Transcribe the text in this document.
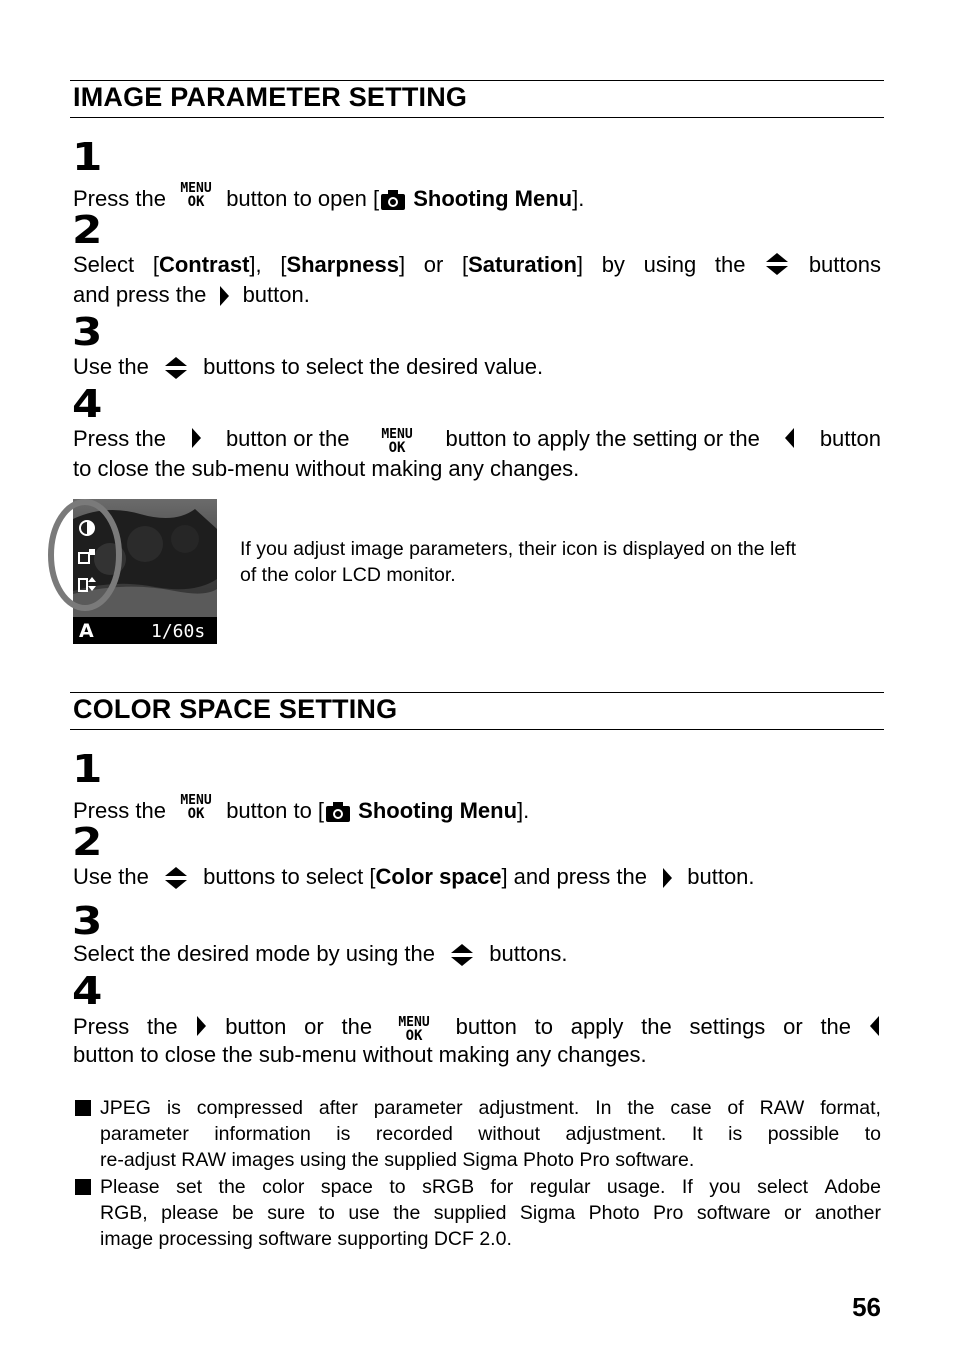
IMAGE PARAMETER SETTING
1
Press the MENU
OK button to open [ Shooting Menu].
2
Select [Contrast], [Sharpness] or [Saturation] by using the	buttons
and press the button.
3
Use the buttons to select the desired value.
4
Press the	button or the MENU
OK button to apply the setting or the	button
to close the sub-menu without making any changes.
A	1/60s
If you adjust image parameters, their icon is displayed on the left
of the color LCD monitor.
COLOR SPACE SETTING
1
Press the MENU
OK button to [ Shooting Menu].
2
Use the buttons to select [Color space] and press the button.
3
Select the desired mode by using the buttons.
4
Press the button or the MENU
OK button to apply the settings or the
button to close the sub-menu without making any changes.
JPEG is compressed after parameter adjustment. In the case of RAW format,
parameter information is recorded without adjustment. It is possible to
re-adjust RAW images using the supplied Sigma Photo Pro software.
Please set the color space to sRGB for regular usage. If you select Adobe
RGB, please be sure to use the supplied Sigma Photo Pro software or another
image processing software supporting DCF 2.0.
56
